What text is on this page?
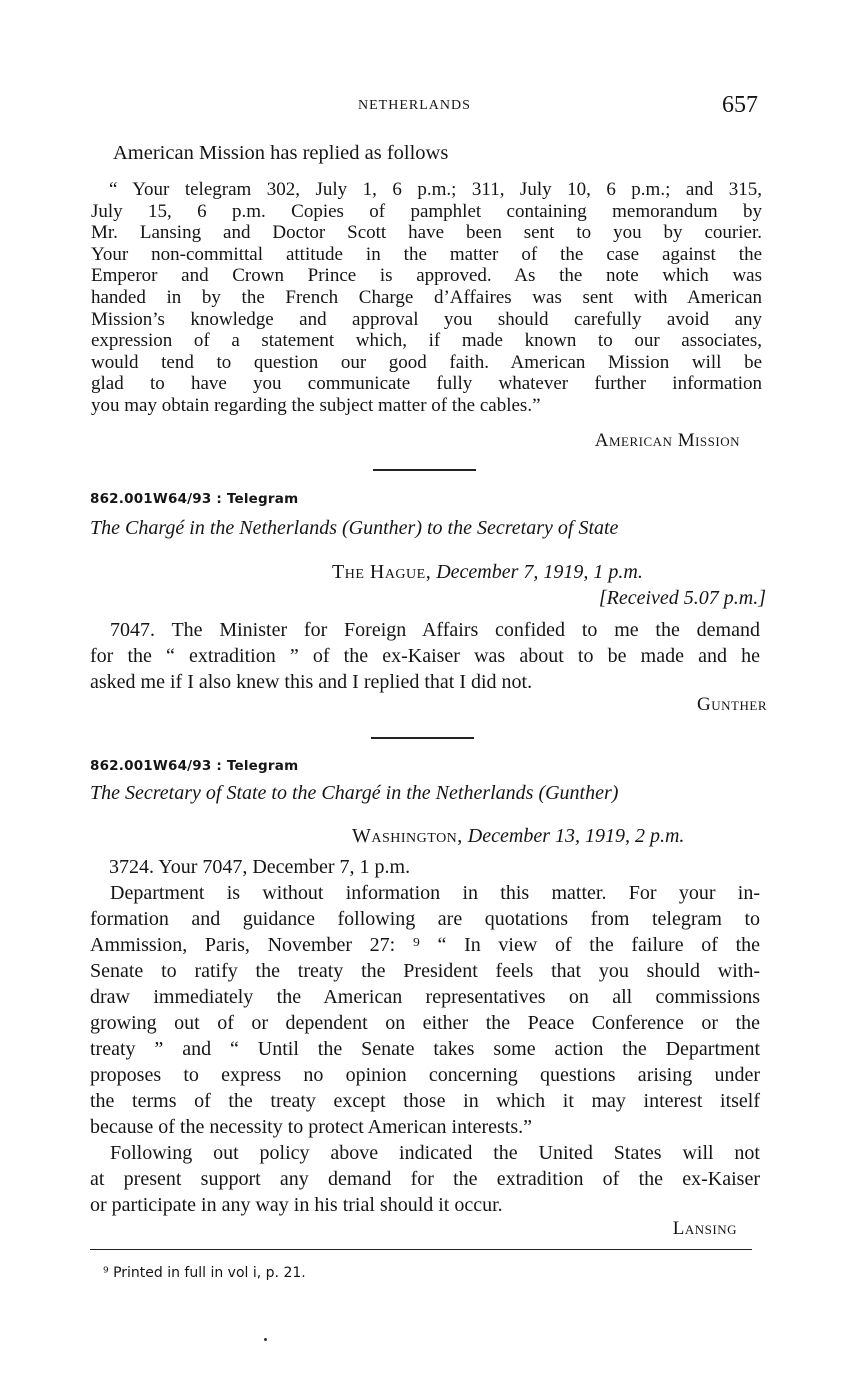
NETHERLANDS	657
American Mission has replied as follows
“ Your telegram 302, July 1, 6 p.m.; 311, July 10, 6 p.m.; and 315,
July 15, 6 p.m. Copies of pamphlet containing memorandum by
Mr. Lansing and Doctor Scott have been sent to you by courier.
Your non-committal attitude in the matter of the case against the
Emperor and Crown Prince is approved. As the note which was
handed in by the French Charge d’Affaires was sent with American
Mission’s knowledge and approval you should carefully avoid any
expression of a statement which, if made known to our associates,
would tend to question our good faith. American Mission will be
glad to have you communicate fully whatever further information
you may obtain regarding the subject matter of the cables.”
American Mission
862.001W64/93 : Telegram
The Chargé in the Netherlands (Gunther) to the Secretary of State
The Hague, December 7, 1919, 1 p.m.
[Received 5.07 p.m.]
7047. The Minister for Foreign Affairs confided to me the demand
for the “ extradition ” of the ex-Kaiser was about to be made and he
asked me if I also knew this and I replied that I did not.
Gunther
862.001W64/93 : Telegram
The Secretary of State to the Chargé in the Netherlands (Gunther)
Washington, December 13, 1919, 2 p.m.
3724. Your 7047, December 7, 1 p.m.
Department is without information in this matter. For your in-
formation and guidance following are quotations from telegram to
Ammission, Paris, November 27: ⁹ “ In view of the failure of the
Senate to ratify the treaty the President feels that you should with-
draw immediately the American representatives on all commissions
growing out of or dependent on either the Peace Conference or the
treaty ” and “ Until the Senate takes some action the Department
proposes to express no opinion concerning questions arising under
the terms of the treaty except those in which it may interest itself
because of the necessity to protect American interests.”
Following out policy above indicated the United States will not
at present support any demand for the extradition of the ex-Kaiser
or participate in any way in his trial should it occur.
Lansing
⁹ Printed in full in vol i, p. 21.
